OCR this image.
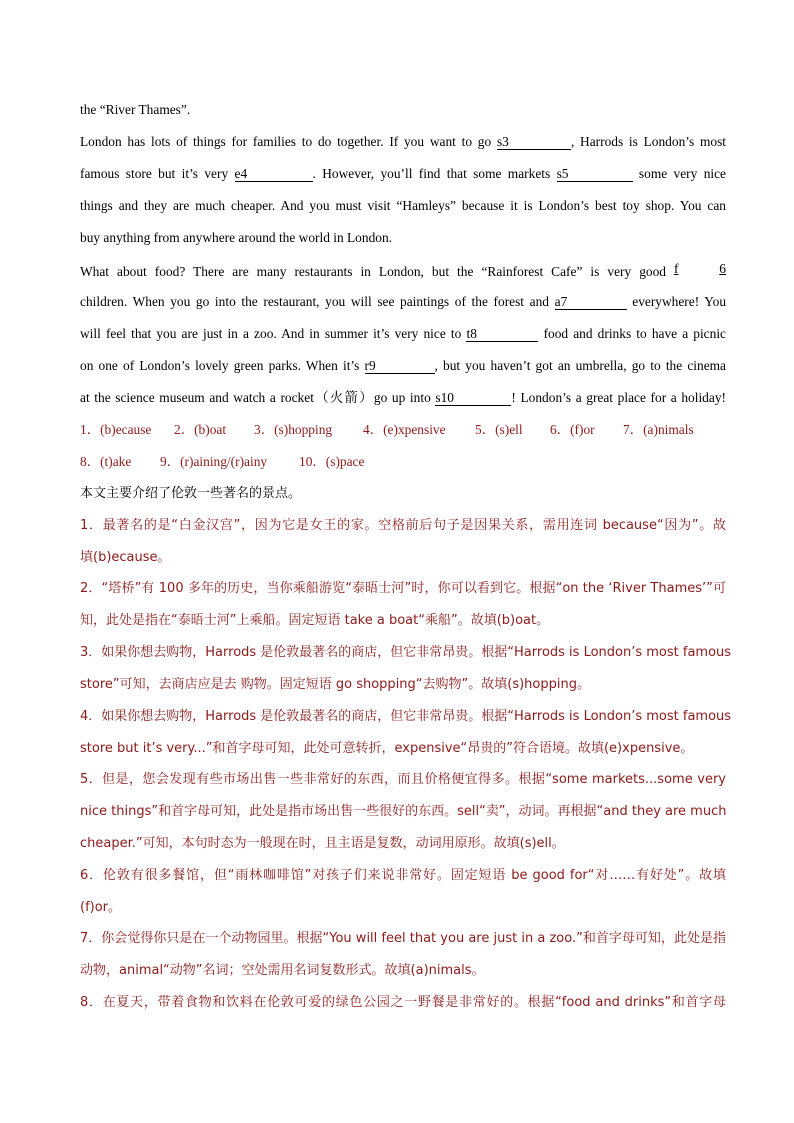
the “River Thames”.
London has lots of things for families to do together. If you want to go s 3	, Harrods is London’s most
famous store but it’s very e 4	. However, you’ll find that some markets s 5	some very nice
things and they are much cheaper. And you must visit “Hamleys” because it is London’s best toy shop. You can
buy anything from anywhere around the world in London.
What about food? There are many restaurants in London, but the “Rainforest Cafe” is very good f	6
children. When you go into the restaurant, you will see paintings of the forest and a 7	everywhere! You
will feel that you are just in a zoo. And in summer it’s very nice to t 8	food and drinks to have a picnic
on one of London’s lovely green parks. When it’s r 9	, but you haven’t got an umbrella, go to the cinema
at the science museum and watch a rocket（火箭）go up into s 10	! London’s a great place for a holiday!
1．(b)ecause 2．(b)oat 3．(s)hopping 4．(e)xpensive 5．(s)ell 6．(f)or 7．(a)nimals
8．(t)ake 9．(r)aining/(r)ainy 10．(s)pace
本文主要介绍了伦敦一些著名的景点。
1．最著名的是“白金汉宫”，因为它是女王的家。空格前后句子是因果关系，需用连词 because“因为”。故
填(b)ecause。
2．“塔桥”有 100 多年的历史，当你乘船游览“泰晤士河”时，你可以看到它。根据“on the ‘River Thames’”可
知，此处是指在“泰晤士河”上乘船。固定短语 take a boat“乘船”。故填(b)oat。
3．如果你想去购物，Harrods 是伦敦最著名的商店，但它非常昂贵。根据“Harrods is London’s most famous
store”可知，去商店应是去 购物。固定短语 go shopping“去购物”。故填(s)hopping。
4．如果你想去购物，Harrods 是伦敦最著名的商店，但它非常昂贵。根据“Harrods is London’s most famous
store but it’s very...”和首字母可知，此处可意转折，expensive“昂贵的”符合语境。故填(e)xpensive。
5．但是，您会发现有些市场出售一些非常好的东西，而且价格便宜得多。根据“some markets...some very
nice things”和首字母可知，此处是指市场出售一些很好的东西。sell“卖”，动词。再根据“and they are much
cheaper.”可知，本句时态为一般现在时，且主语是复数，动词用原形。故填(s)ell。
6．伦敦有很多餐馆，但“雨林咖啡馆”对孩子们来说非常好。固定短语 be good for“对……有好处”。故填
(f)or。
7．你会觉得你只是在一个动物园里。根据“You will feel that you are just in a zoo.”和首字母可知，此处是指
动物，animal“动物”名词；空处需用名词复数形式。故填(a)nimals。
8．在夏天，带着食物和饮料在伦敦可爱的绿色公园之一野餐是非常好的。根据“food and drinks”和首字母
